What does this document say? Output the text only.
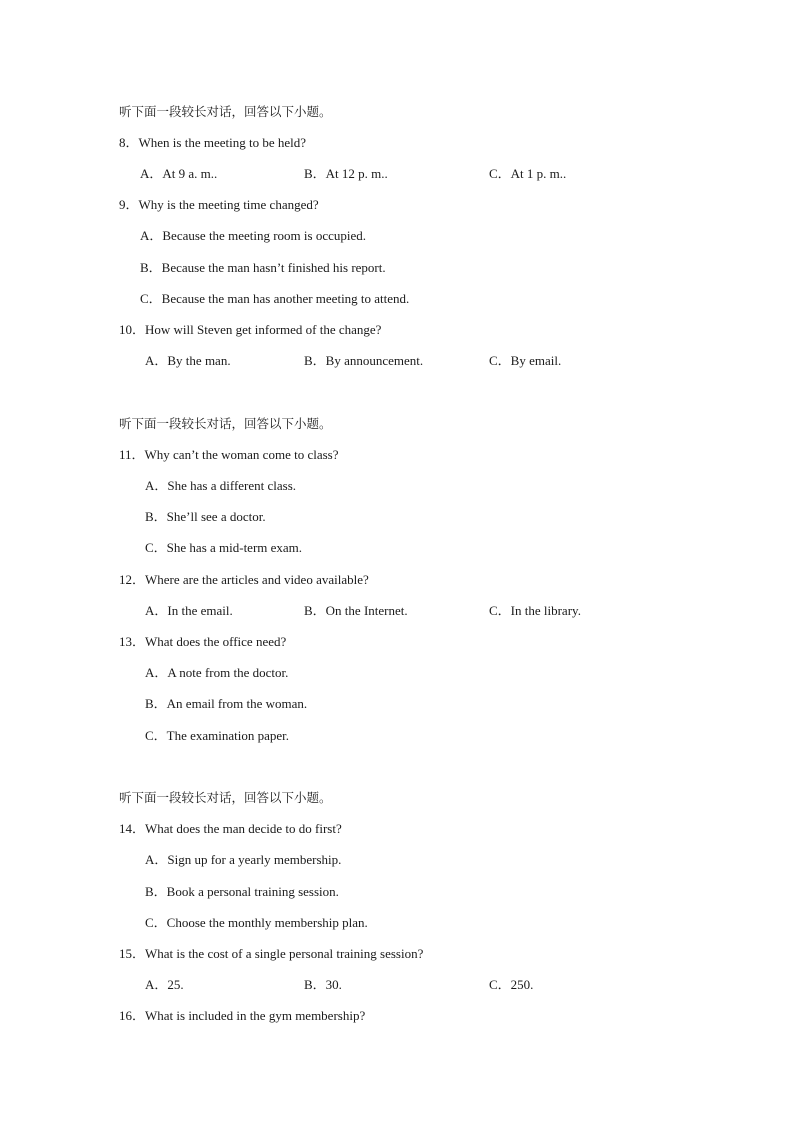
听下面一段较长对话，回答以下小题。
8．When is the meeting to be held?
A．At 9 a. m..	B．At 12 p. m..	C．At 1 p. m..
9．Why is the meeting time changed?
A．Because the meeting room is occupied.
B．Because the man hasn’t finished his report.
C．Because the man has another meeting to attend.
10．How will Steven get informed of the change?
A．By the man.	B．By announcement.	C．By email.
听下面一段较长对话，回答以下小题。
11．Why can’t the woman come to class?
A．She has a different class.
B．She’ll see a doctor.
C．She has a mid-term exam.
12．Where are the articles and video available?
A．In the email.	B．On the Internet.	C．In the library.
13．What does the office need?
A．A note from the doctor.
B．An email from the woman.
C．The examination paper.
听下面一段较长对话，回答以下小题。
14．What does the man decide to do first?
A．Sign up for a yearly membership.
B．Book a personal training session.
C．Choose the monthly membership plan.
15．What is the cost of a single personal training session?
A．25.	B．30.	C．250.
16．What is included in the gym membership?
